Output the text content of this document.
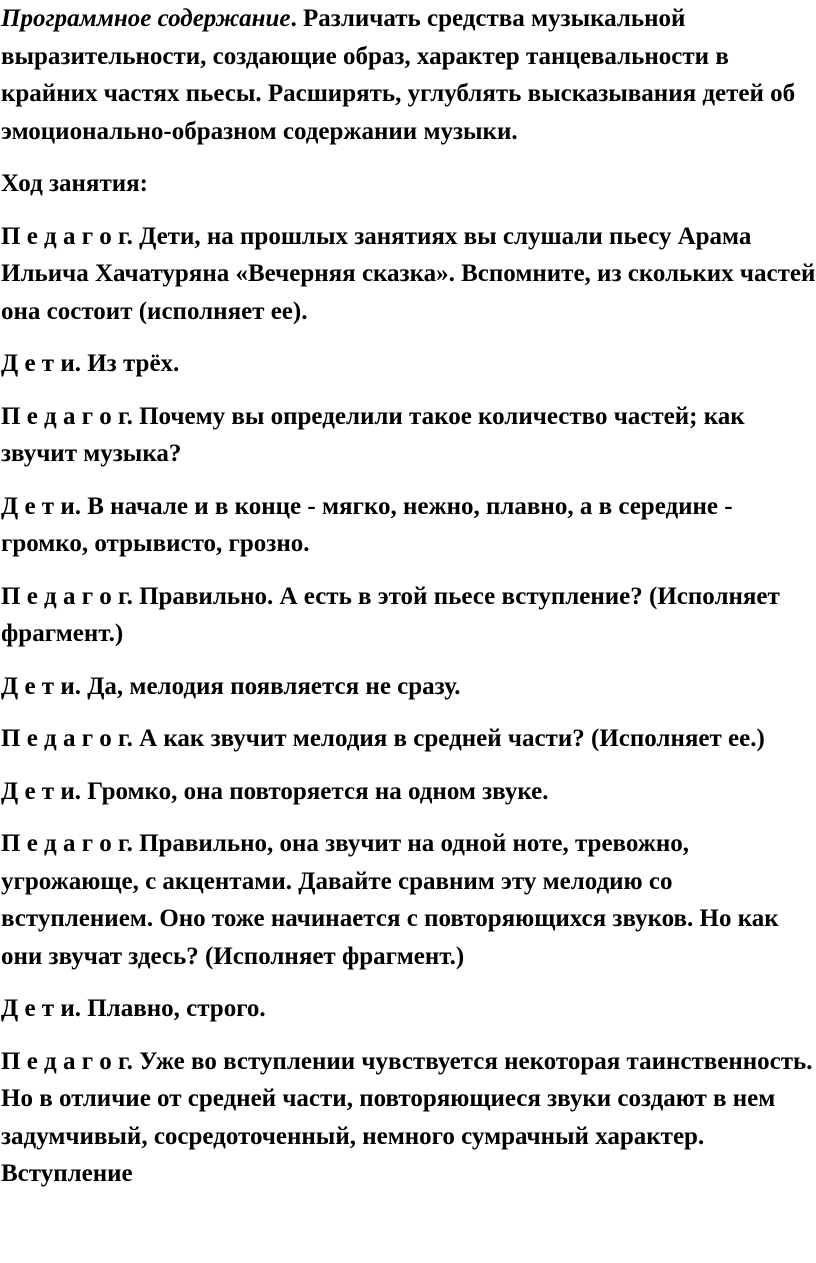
Программное содержание. Различать средства музыкальной выразительности, создающие образ, характер танцевальности в крайних частях пьесы. Расширять, углублять высказывания детей об эмоционально-образном содержании музыки.

Ход занятия:

П е д а г о г. Дети, на прошлых занятиях вы слушали пьесу Арама Ильича Хачатуряна «Вечерняя сказка». Вспомните, из скольких частей она состоит (исполняет ее).

Д е т и. Из трёх.

П е д а г о г. Почему вы определили такое количество частей; как звучит музыка?

Д е т и. В начале и в конце - мягко, нежно, плавно, а в середине - громко, отрывисто, грозно.

П е д а г о г. Правильно. А есть в этой пьесе вступление? (Исполняет фрагмент.)

Д е т и. Да, мелодия появляется не сразу.

П е д а г о г. А как звучит мелодия в средней части? (Исполняет ее.)

Д е т и. Громко, она повторяется на одном звуке.

П е д а г о г. Правильно, она звучит на одной ноте, тревожно, угрожающе, с акцентами. Давайте сравним эту мелодию со вступлением. Оно тоже начинается с повторяющихся звуков. Но как они звучат здесь? (Исполняет фрагмент.)

Д е т и. Плавно, строго.

П е д а г о г. Уже во вступлении чувствуется некоторая таинственность. Но в отличие от средней части, повторяющиеся звуки создают в нем задумчивый, сосредоточенный, немного сумрачный характер. Вступление
